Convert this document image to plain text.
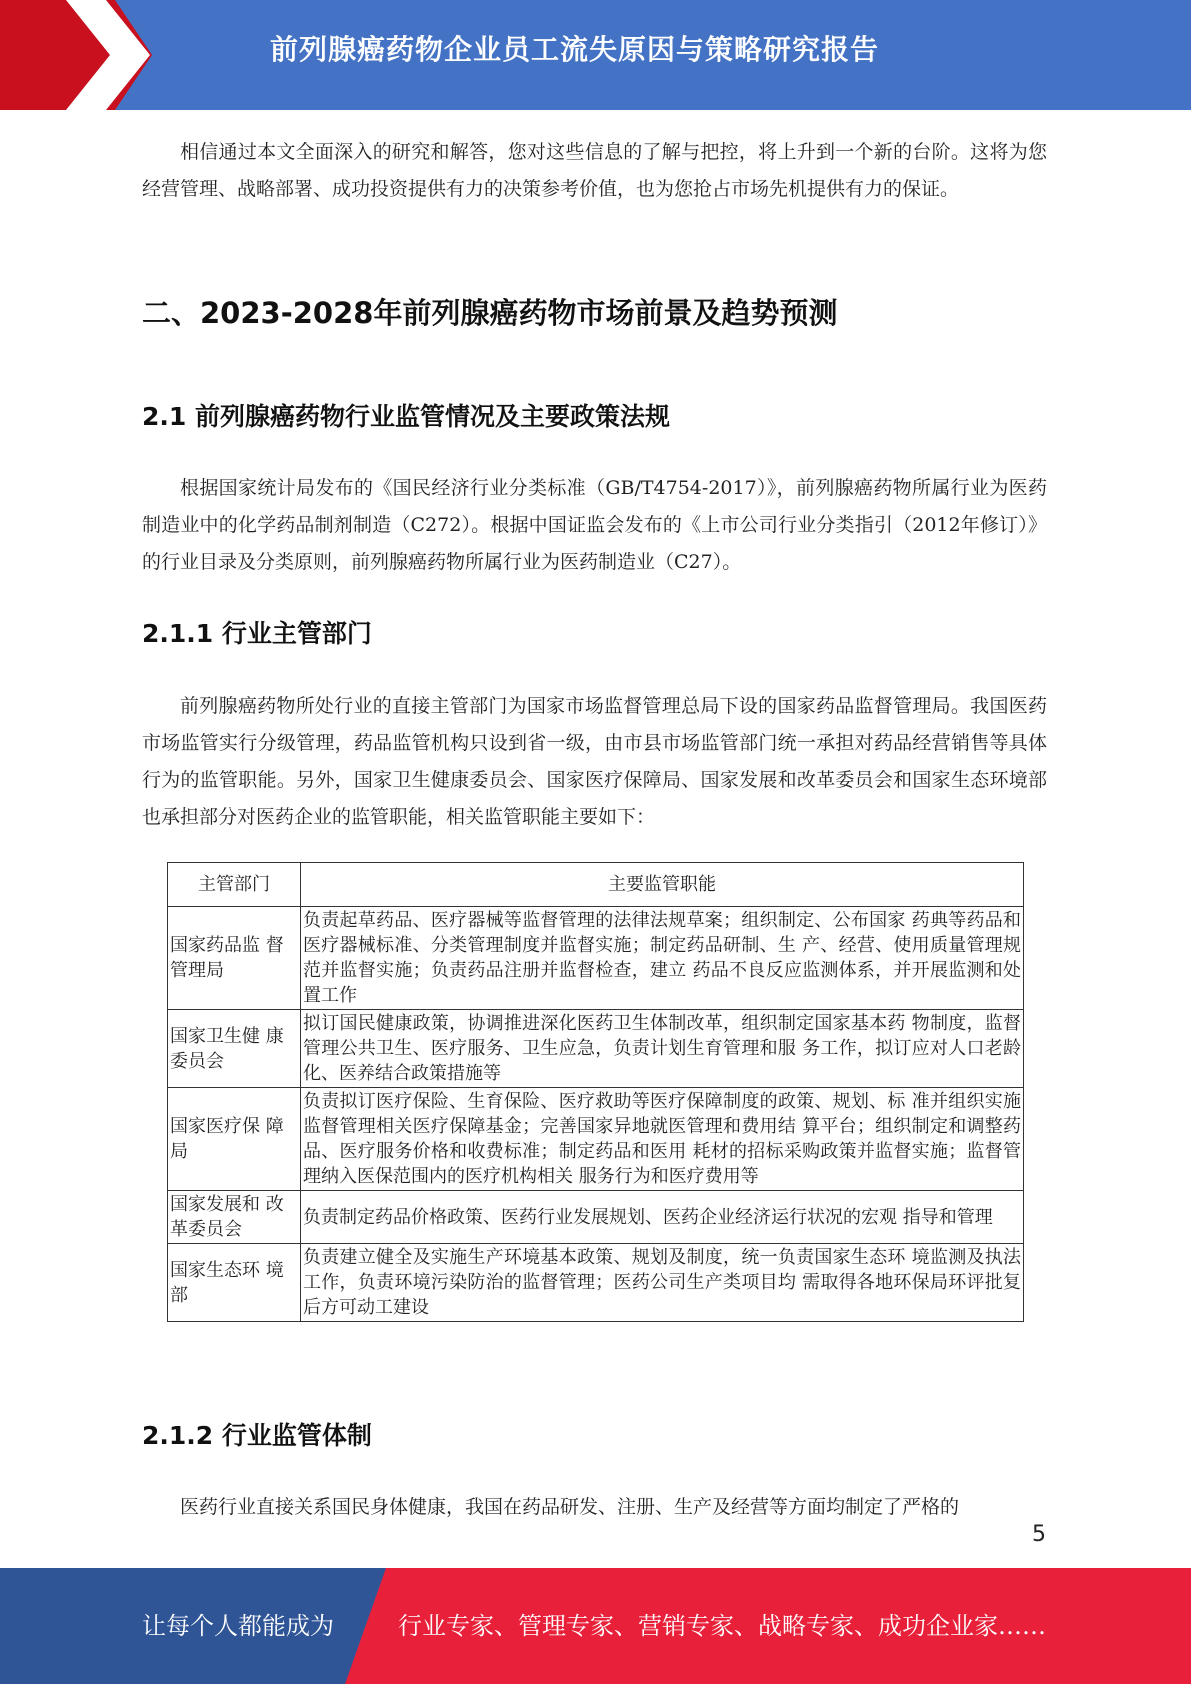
前列腺癌药物企业员工流失原因与策略研究报告

相信通过本文全面深入的研究和解答，您对这些信息的了解与把控，将上升到一个新的台阶。这将为您经营管理、战略部署、成功投资提供有力的决策参考价值，也为您抢占市场先机提供有力的保证。

二、2023-2028年前列腺癌药物市场前景及趋势预测
2.1 前列腺癌药物行业监管情况及主要政策法规

根据国家统计局发布的《国民经济行业分类标准（GB/T4754-2017）》，前列腺癌药物所属行业为医药制造业中的化学药品制剂制造（C272）。根据中国证监会发布的《上市公司行业分类指引（2012年修订）》的行业目录及分类原则，前列腺癌药物所属行业为医药制造业（C27）。

2.1.1 行业主管部门

前列腺癌药物所处行业的直接主管部门为国家市场监督管理总局下设的国家药品监督管理局。我国医药市场监管实行分级管理，药品监管机构只设到省一级，由市县市场监管部门统一承担对药品经营销售等具体行为的监管职能。另外，国家卫生健康委员会、国家医疗保障局、国家发展和改革委员会和国家生态环境部也承担部分对医药企业的监管职能，相关监管职能主要如下：

主管部门	主要监管职能
国家药品监 督管理局	负责起草药品、医疗器械等监督管理的法律法规草案；组织制定、公布国家 药典等药品和医疗器械标准、分类管理制度并监督实施；制定药品研制、生 产、经营、使用质量管理规范并监督实施；负责药品注册并监督检查，建立 药品不良反应监测体系，并开展监测和处置工作
国家卫生健 康委员会	拟订国民健康政策，协调推进深化医药卫生体制改革，组织制定国家基本药 物制度，监督管理公共卫生、医疗服务、卫生应急，负责计划生育管理和服 务工作，拟订应对人口老龄化、医养结合政策措施等
国家医疗保 障局	负责拟订医疗保险、生育保险、医疗救助等医疗保障制度的政策、规划、标 准并组织实施监督管理相关医疗保障基金；完善国家异地就医管理和费用结 算平台；组织制定和调整药品、医疗服务价格和收费标准；制定药品和医用 耗材的招标采购政策并监督实施；监督管理纳入医保范围内的医疗机构相关 服务行为和医疗费用等
国家发展和 改革委员会	负责制定药品价格政策、医药行业发展规划、医药企业经济运行状况的宏观 指导和管理
国家生态环 境部	负责建立健全及实施生产环境基本政策、规划及制度，统一负责国家生态环 境监测及执法工作，负责环境污染防治的监督管理；医药公司生产类项目均 需取得各地环保局环评批复后方可动工建设
2.1.2 行业监管体制

医药行业直接关系国民身体健康，我国在药品研发、注册、生产及经营等方面均制定了严格的

5
让每个人都能成为	行业专家、管理专家、营销专家、战略专家、成功企业家……
